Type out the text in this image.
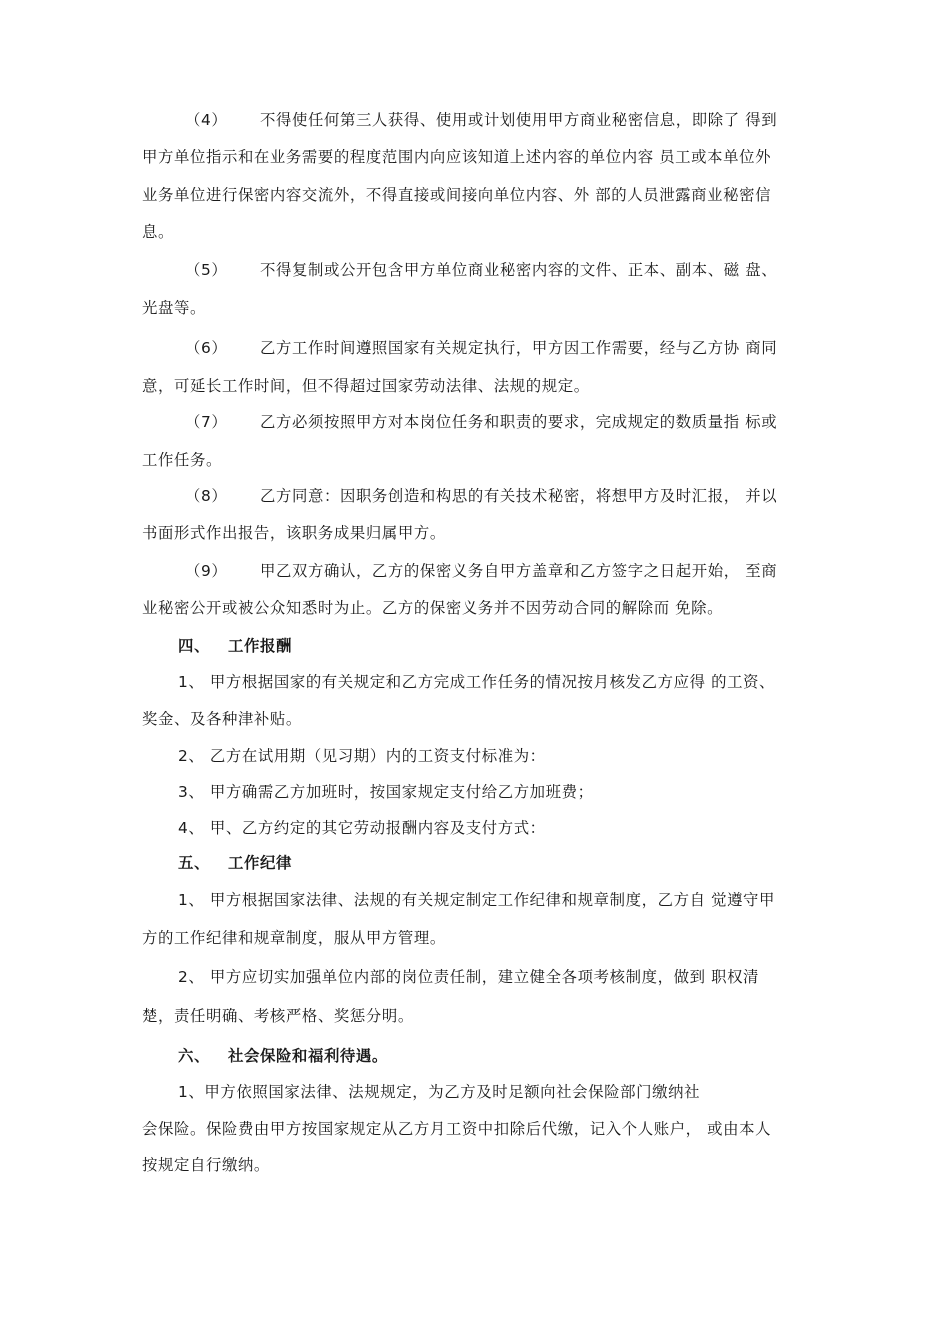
（4） 不得使任何第三人获得、使用或计划使用甲方商业秘密信息，即除了 得到
甲方单位指示和在业务需要的程度范围内向应该知道上述内容的单位内容 员工或本单位外
业务单位进行保密内容交流外，不得直接或间接向单位内容、外 部的人员泄露商业秘密信
息。
（5） 不得复制或公开包含甲方单位商业秘密内容的文件、正本、副本、磁 盘、
光盘等。
（6） 乙方工作时间遵照国家有关规定执行，甲方因工作需要，经与乙方协 商同
意，可延长工作时间，但不得超过国家劳动法律、法规的规定。
（7） 乙方必须按照甲方对本岗位任务和职责的要求，完成规定的数质量指 标或
工作任务。
（8） 乙方同意：因职务创造和构思的有关技术秘密，将想甲方及时汇报， 并以
书面形式作出报告，该职务成果归属甲方。
（9） 甲乙双方确认，乙方的保密义务自甲方盖章和乙方签字之日起开始， 至商
业秘密公开或被公众知悉时为止。乙方的保密义务并不因劳动合同的解除而 免除。
四、 工作报酬
1、 甲方根据国家的有关规定和乙方完成工作任务的情况按月核发乙方应得 的工资、
奖金、及各种津补贴。
2、 乙方在试用期（见习期）内的工资支付标准为：
3、 甲方确需乙方加班时，按国家规定支付给乙方加班费；
4、 甲、乙方约定的其它劳动报酬内容及支付方式：
五、 工作纪律
1、 甲方根据国家法律、法规的有关规定制定工作纪律和规章制度，乙方自 觉遵守甲
方的工作纪律和规章制度，服从甲方管理。
2、 甲方应切实加强单位内部的岗位责任制，建立健全各项考核制度，做到 职权清
楚，责任明确、考核严格、奖惩分明。
六、 社会保险和福利待遇。
1、甲方依照国家法律、法规规定，为乙方及时足额向社会保险部门缴纳社
会保险。保险费由甲方按国家规定从乙方月工资中扣除后代缴，记入个人账户， 或由本人
按规定自行缴纳。
